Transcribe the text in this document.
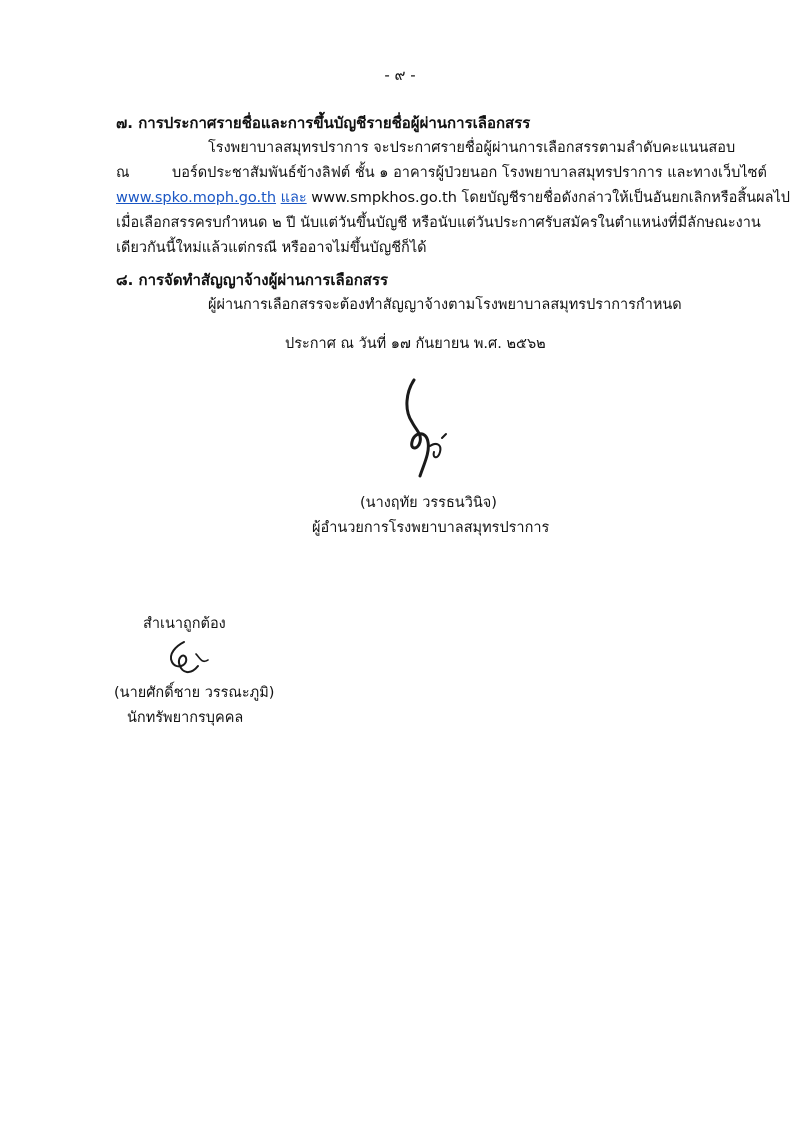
- ๙ -
๗. การประกาศรายชื่อและการขึ้นบัญชีรายชื่อผู้ผ่านการเลือกสรร
โรงพยาบาลสมุทรปราการ จะประกาศรายชื่อผู้ผ่านการเลือกสรรตามลำดับคะแนนสอบ
ณ	บอร์ดประชาสัมพันธ์ข้างลิฟต์ ชั้น ๑ อาคารผู้ป่วยนอก โรงพยาบาลสมุทรปราการ และทางเว็บไซต์
www.spko.moph.go.th และ www.smpkhos.go.th โดยบัญชีรายชื่อดังกล่าวให้เป็นอันยกเลิกหรือสิ้นผลไป
เมื่อเลือกสรรครบกำหนด ๒ ปี นับแต่วันขึ้นบัญชี หรือนับแต่วันประกาศรับสมัครในตำแหน่งที่มีลักษณะงาน
เดียวกันนี้ใหม่แล้วแต่กรณี หรืออาจไม่ขึ้นบัญชีก็ได้
๘. การจัดทำสัญญาจ้างผู้ผ่านการเลือกสรร
ผู้ผ่านการเลือกสรรจะต้องทำสัญญาจ้างตามโรงพยาบาลสมุทรปราการกำหนด
ประกาศ ณ วันที่ ๑๗ กันยายน พ.ศ. ๒๕๖๒
(นางฤทัย วรรธนวินิจ)
ผู้อำนวยการโรงพยาบาลสมุทรปราการ
สำเนาถูกต้อง
(นายศักดิ์ชาย วรรณะภูมิ)
นักทรัพยากรบุคคล
